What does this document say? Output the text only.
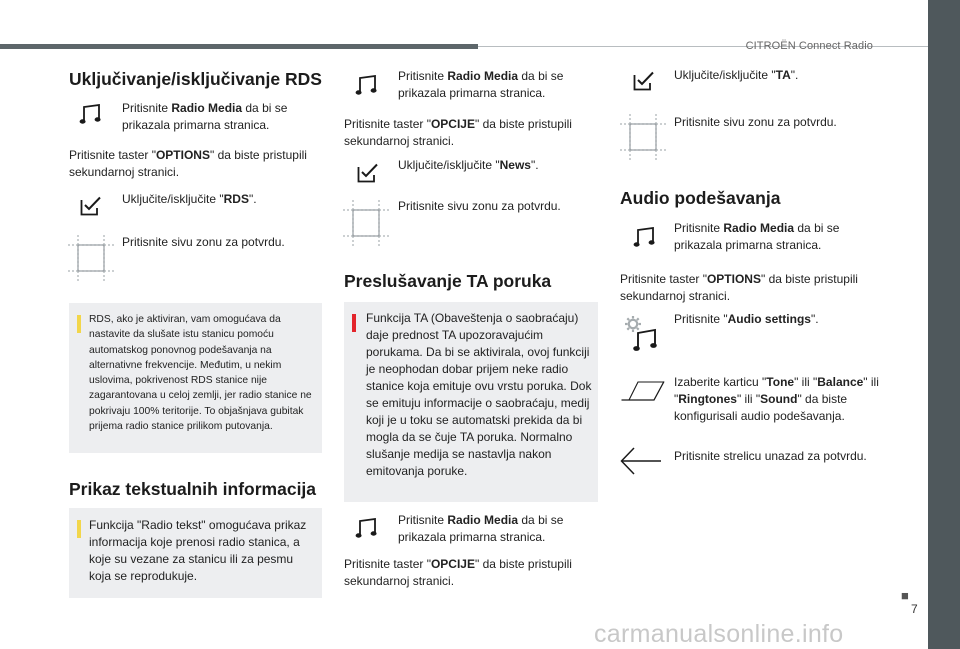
CITROËN Connect Radio
■
7
carmanualsonline.info
Uključivanje/isključivanje RDS
Pritisnite Radio Media da bi se prikazala primarna stranica.
Pritisnite taster "OPTIONS" da biste pristupili sekundarnoj stranici.
Uključite/isključite "RDS".
Pritisnite sivu zonu za potvrdu.
RDS, ako je aktiviran, vam omogućava da nastavite da slušate istu stanicu pomoću automatskog ponovnog podešavanja na alternativne frekvencije. Međutim, u nekim uslovima, pokrivenost RDS stanice nije zagarantovana u celoj zemlji, jer radio stanice ne pokrivaju 100% teritorije. To objašnjava gubitak prijema radio stanice prilikom putovanja.
Prikaz tekstualnih informacija
Funkcija "Radio tekst" omogućava prikaz informacija koje prenosi radio stanica, a koje su vezane za stanicu ili za pesmu koja se reprodukuje.
Pritisnite Radio Media da bi se prikazala primarna stranica.
Pritisnite taster "OPCIJE" da biste pristupili sekundarnoj stranici.
Uključite/isključite "News".
Pritisnite sivu zonu za potvrdu.
Preslušavanje TA poruka
Funkcija TA (Obaveštenja o saobraćaju) daje prednost TA upozoravajućim porukama. Da bi se aktivirala, ovoj funkciji je neophodan dobar prijem neke radio stanice koja emituje ovu vrstu poruka. Dok se emituju informacije o saobraćaju, medij koji je u toku se automatski prekida da bi mogla da se čuje TA poruka. Normalno slušanje medija se nastavlja nakon emitovanja poruke.
Pritisnite Radio Media da bi se prikazala primarna stranica.
Pritisnite taster "OPCIJE" da biste pristupili sekundarnoj stranici.
Uključite/isključite "TA".
Pritisnite sivu zonu za potvrdu.
Audio podešavanja
Pritisnite Radio Media da bi se prikazala primarna stranica.
Pritisnite taster "OPTIONS" da biste pristupili sekundarnoj stranici.
Pritisnite "Audio settings".
Izaberite karticu "Tone" ili "Balance" ili "Ringtones" ili "Sound" da biste konfigurisali audio podešavanja.
Pritisnite strelicu unazad za potvrdu.
